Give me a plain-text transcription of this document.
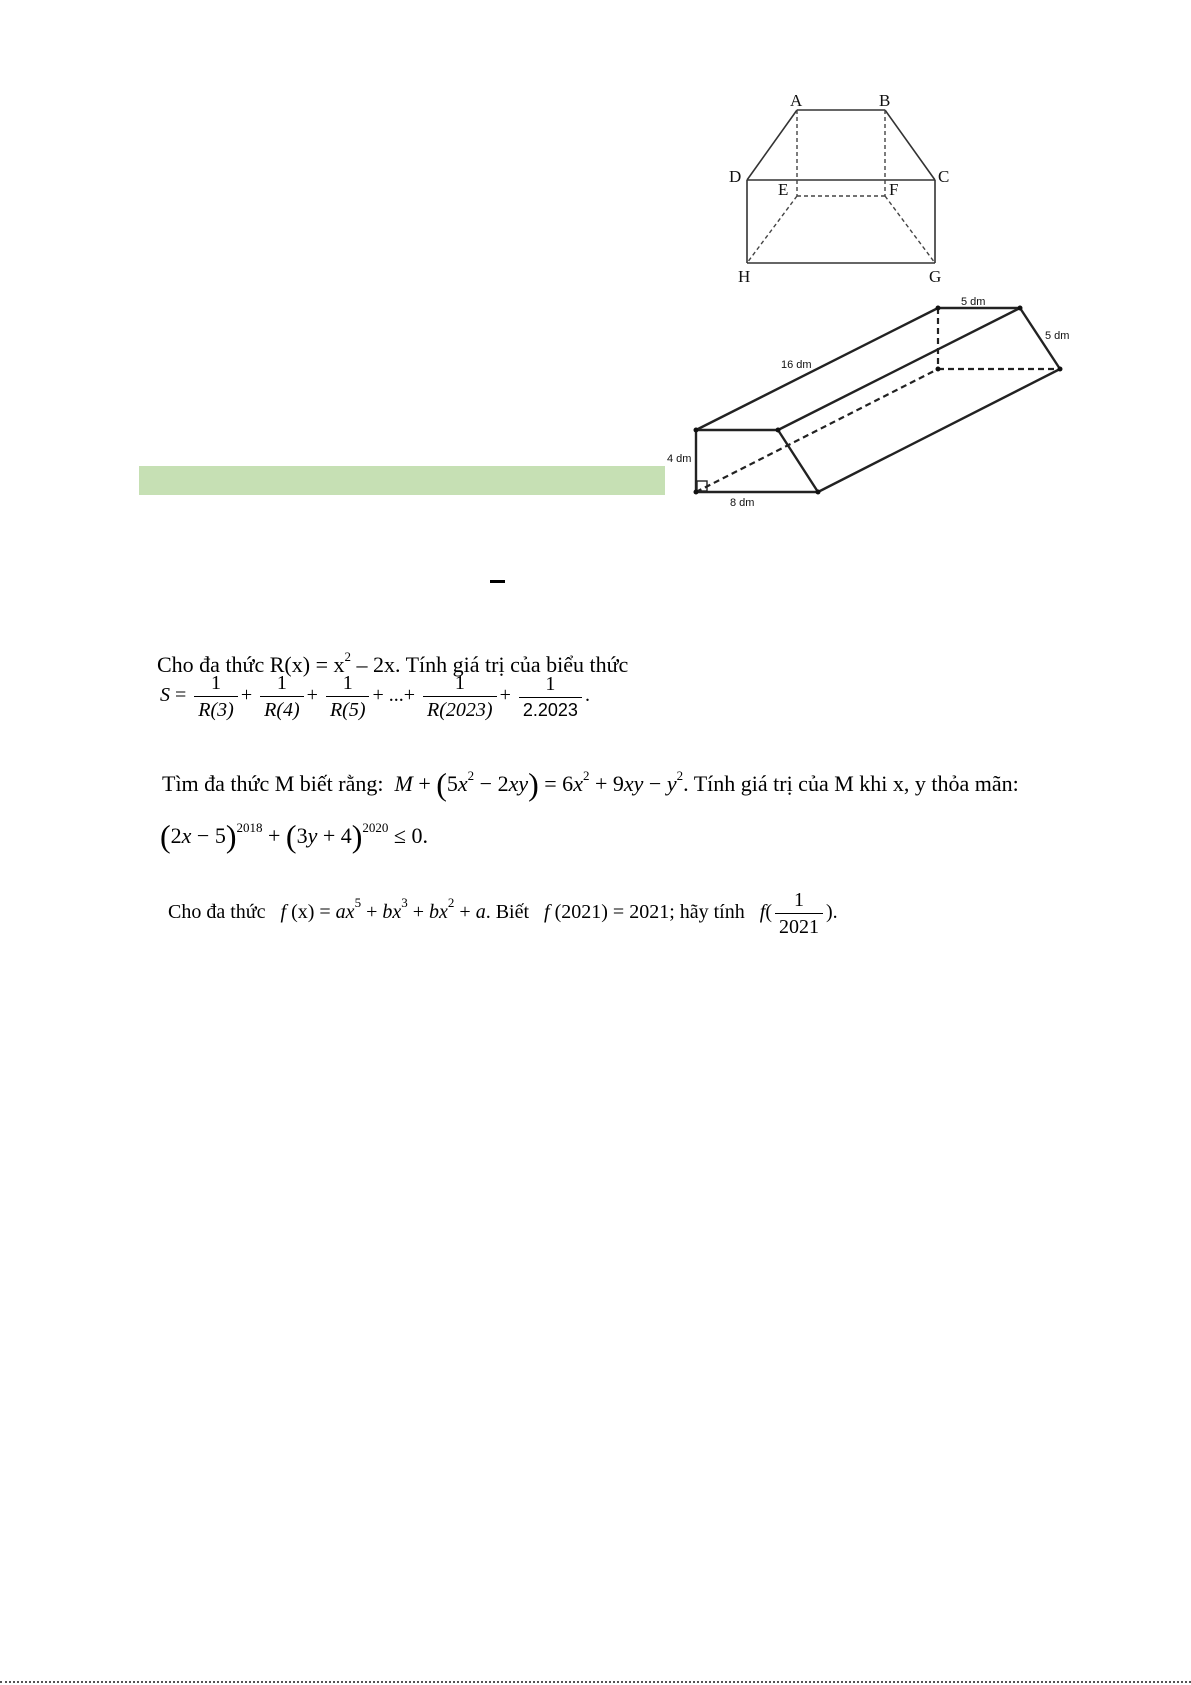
A	B
D	C
E	F
H	G
5 dm
5 dm
16 dm
4 dm
8 dm
Cho đa thức $R(x) = x^2 - 2x$. Tính giá trị của biểu thức
$S = \frac{1}{R(3)} + \frac{1}{R(4)} + \frac{1}{R(5)}$ + ...+ $\frac{1}{R(2023)} + \frac{1}{2.2023}$ .
Tìm đa thức M biết rằng: $M + (5x^2 - 2xy) = 6x^2 + 9xy - y^2$. Tính giá trị của M khi x, y thỏa mãn:
$(2x - 5)^{2018} + (3y + 4)^{2020} \le 0$.
Cho đa thức f $(x) = ax^5 + bx^3 + bx^2 + a$. Biết f (2021) = 2021; hãy tính $f( \frac{1}{2021}$ ).
